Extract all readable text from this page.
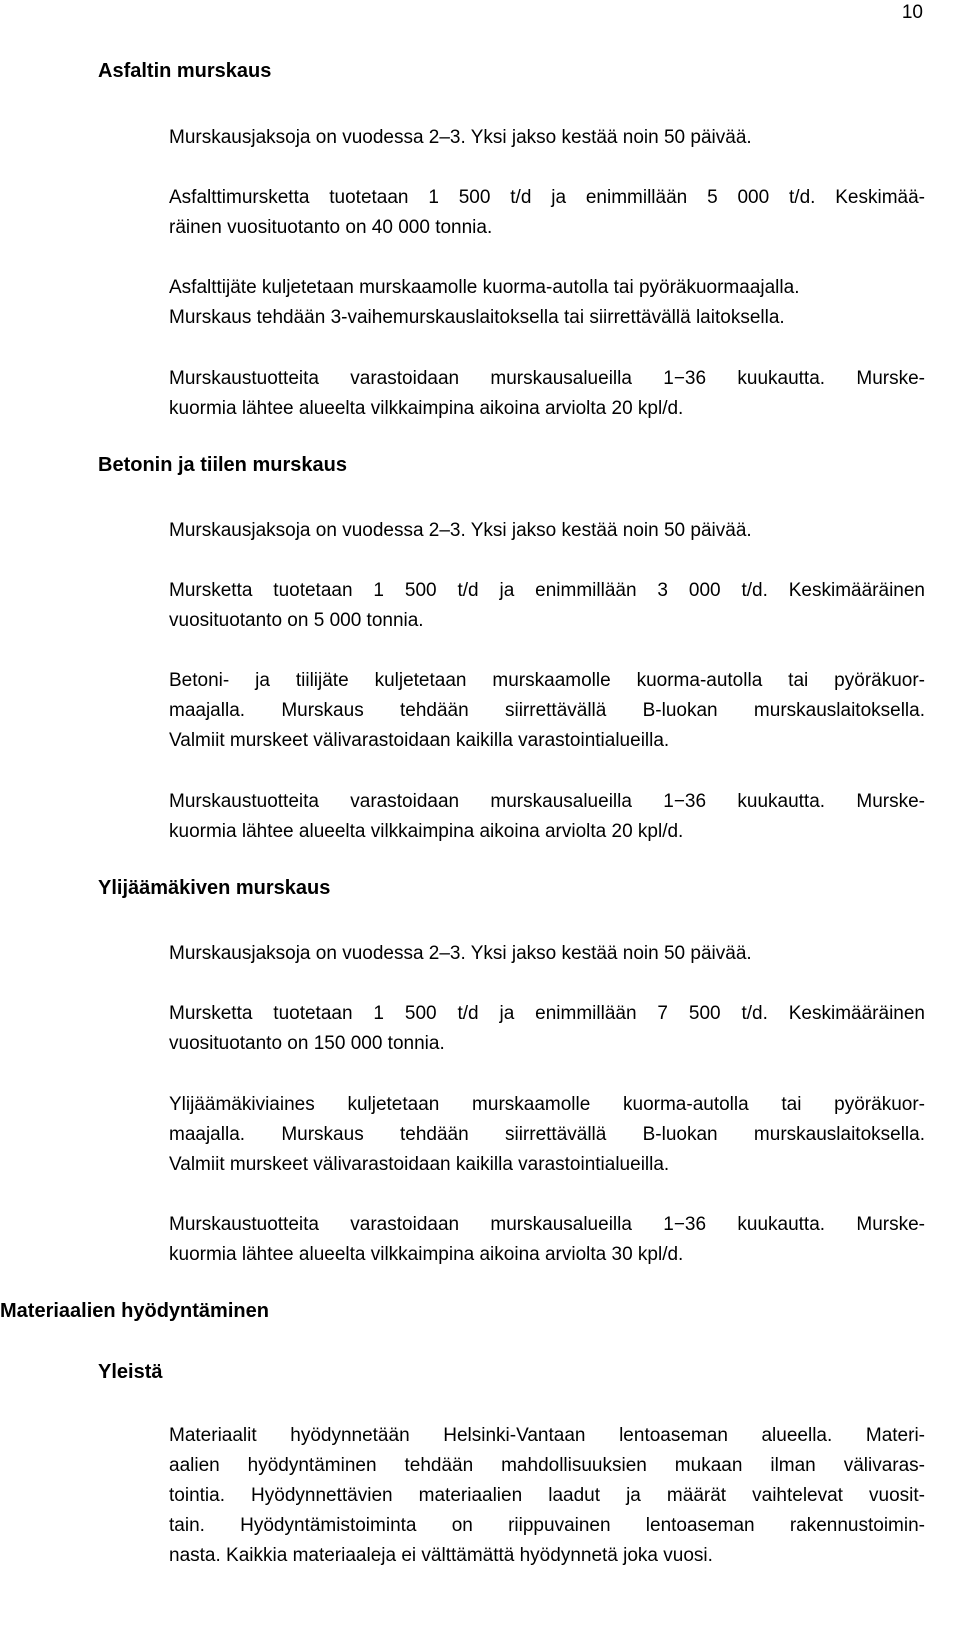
10
Asfaltin murskaus
Murskausjaksoja on vuodessa 2–3. Yksi jakso kestää noin 50 päivää.
Asfalttimursketta tuotetaan 1 500 t/d ja enimmillään 5 000 t/d. Keskimää-
räinen vuosituotanto on 40 000 tonnia.
Asfalttijäte kuljetetaan murskaamolle kuorma-autolla tai pyöräkuormaajalla.
Murskaus tehdään 3-vaihemurskauslaitoksella tai siirrettävällä laitoksella.
Murskaustuotteita varastoidaan murskausalueilla 1−36 kuukautta. Murske-
kuormia lähtee alueelta vilkkaimpina aikoina arviolta 20 kpl/d.
Betonin ja tiilen murskaus
Murskausjaksoja on vuodessa 2–3. Yksi jakso kestää noin 50 päivää.
Mursketta tuotetaan 1 500 t/d ja enimmillään 3 000 t/d. Keskimääräinen
vuosituotanto on 5 000 tonnia.
Betoni- ja tiilijäte kuljetetaan murskaamolle kuorma-autolla tai pyöräkuor-
maajalla. Murskaus tehdään siirrettävällä B-luokan murskauslaitoksella.
Valmiit murskeet välivarastoidaan kaikilla varastointialueilla.
Murskaustuotteita varastoidaan murskausalueilla 1−36 kuukautta. Murske-
kuormia lähtee alueelta vilkkaimpina aikoina arviolta 20 kpl/d.
Ylijäämäkiven murskaus
Murskausjaksoja on vuodessa 2–3. Yksi jakso kestää noin 50 päivää.
Mursketta tuotetaan 1 500 t/d ja enimmillään 7 500 t/d. Keskimääräinen
vuosituotanto on 150 000 tonnia.
Ylijäämäkiviaines kuljetetaan murskaamolle kuorma-autolla tai pyöräkuor-
maajalla. Murskaus tehdään siirrettävällä B-luokan murskauslaitoksella.
Valmiit murskeet välivarastoidaan kaikilla varastointialueilla.
Murskaustuotteita varastoidaan murskausalueilla 1−36 kuukautta. Murske-
kuormia lähtee alueelta vilkkaimpina aikoina arviolta 30 kpl/d.
Materiaalien hyödyntäminen
Yleistä
Materiaalit hyödynnetään Helsinki-Vantaan lentoaseman alueella. Materi-
aalien hyödyntäminen tehdään mahdollisuuksien mukaan ilman välivaras-
tointia. Hyödynnettävien materiaalien laadut ja määrät vaihtelevat vuosit-
tain. Hyödyntämistoiminta on riippuvainen lentoaseman rakennustoimin-
nasta. Kaikkia materiaaleja ei välttämättä hyödynnetä joka vuosi.
